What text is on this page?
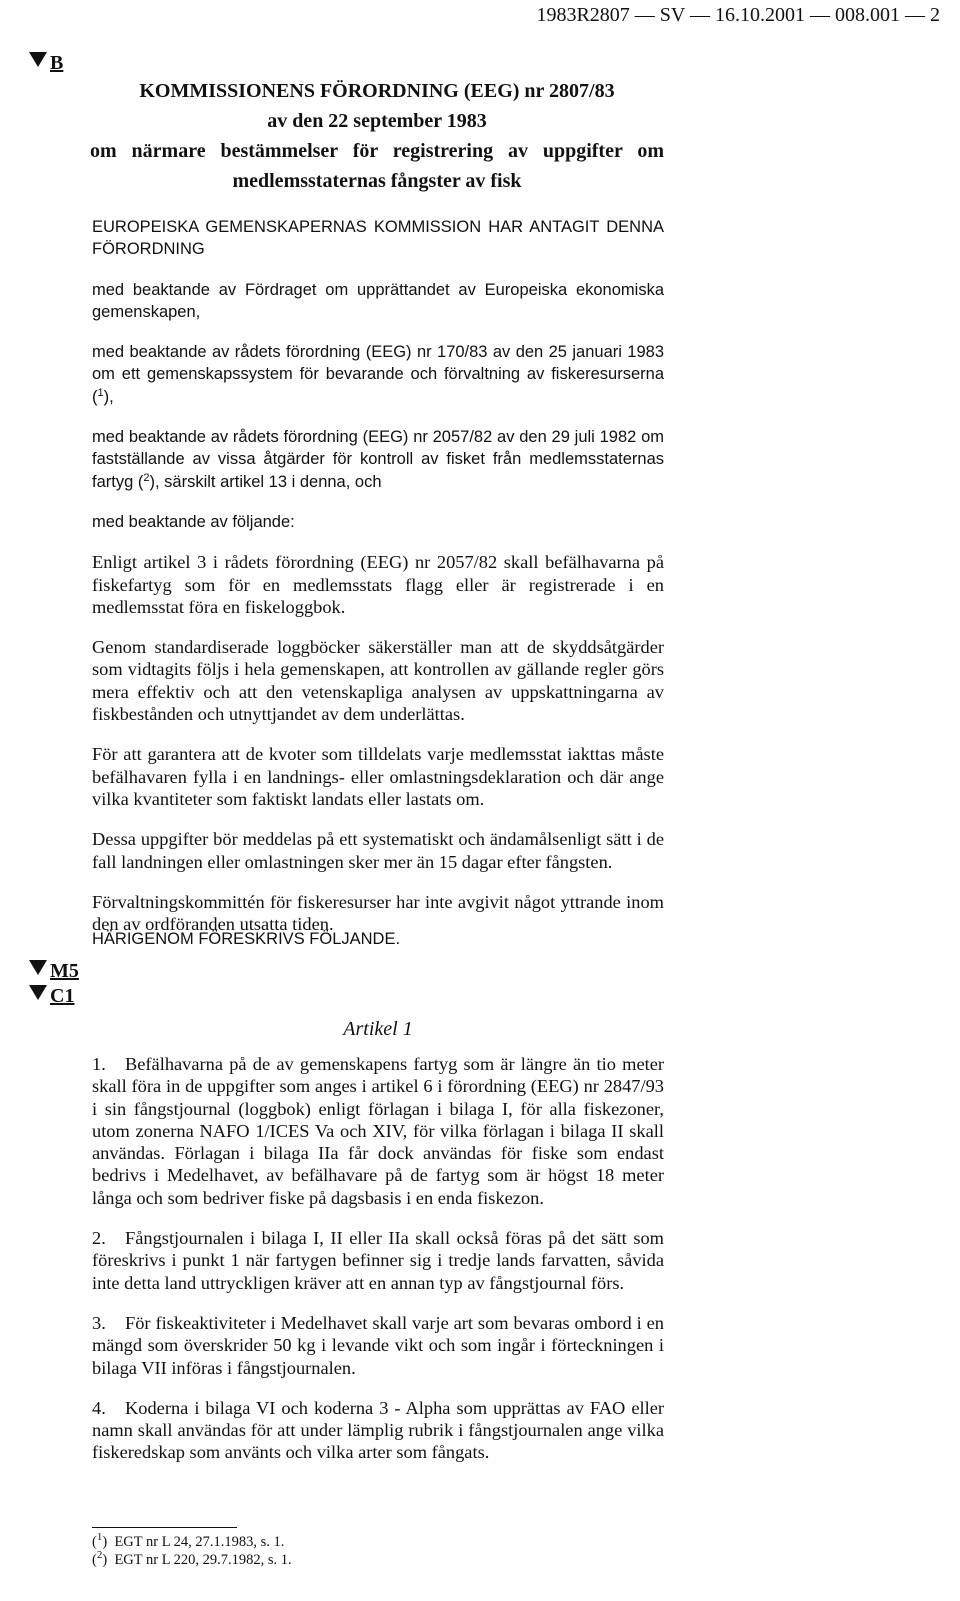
1983R2807 — SV — 16.10.2001 — 008.001 — 2
B
KOMMISSIONENS FÖRORDNING (EEG) nr 2807/83
av den 22 september 1983
om närmare bestämmelser för registrering av uppgifter om
medlemsstaternas fångster av fisk

EUROPEISKA GEMENSKAPERNAS KOMMISSION HAR ANTAGIT DENNA FÖRORDNING

med beaktande av Fördraget om upprättandet av Europeiska ekonomiska gemenskapen,

med beaktande av rådets förordning (EEG) nr 170/83 av den 25 januari 1983 om ett gemenskapssystem för bevarande och förvaltning av fiskeresurserna ($^1$),

med beaktande av rådets förordning (EEG) nr 2057/82 av den 29 juli 1982 om fastställande av vissa åtgärder för kontroll av fisket från medlemsstaternas fartyg ($^2$), särskilt artikel 13 i denna, och

med beaktande av följande:

Enligt artikel 3 i rådets förordning (EEG) nr 2057/82 skall befälhavarna på fiskefartyg som för en medlemsstats flagg eller är registrerade i en medlemsstat föra en fiskeloggbok.

Genom standardiserade loggböcker säkerställer man att de skyddsåtgärder som vidtagits följs i hela gemenskapen, att kontrollen av gällande regler görs mera effektiv och att den vetenskapliga analysen av uppskattningarna av fiskbestånden och utnyttjandet av dem underlättas.

För att garantera att de kvoter som tilldelats varje medlemsstat iakttas måste befälhavaren fylla i en landnings- eller omlastningsdeklaration och där ange vilka kvantiteter som faktiskt landats eller lastats om.

Dessa uppgifter bör meddelas på ett systematiskt och ändamålsenligt sätt i de fall landningen eller omlastningen sker mer än 15 dagar efter fångsten.

Förvaltningskommittén för fiskeresurser har inte avgivit något yttrande inom den av ordföranden utsatta tiden.

HÄRIGENOM FÖRESKRIVS FÖLJANDE.
M5
C1
Artikel 1

1. Befälhavarna på de av gemenskapens fartyg som är längre än tio meter skall föra in de uppgifter som anges i artikel 6 i förordning (EEG) nr 2847/93 i sin fångstjournal (loggbok) enligt förlagan i bilaga I, för alla fiskezoner, utom zonerna NAFO 1/ICES Va och XIV, för vilka förlagan i bilaga II skall användas. Förlagan i bilaga IIa får dock användas för fiske som endast bedrivs i Medelhavet, av befälhavare på de fartyg som är högst 18 meter långa och som bedriver fiske på dagsbasis i en enda fiskezon.

2. Fångstjournalen i bilaga I, II eller IIa skall också föras på det sätt som föreskrivs i punkt 1 när fartygen befinner sig i tredje lands farvatten, såvida inte detta land uttryckligen kräver att en annan typ av fångstjournal förs.

3. För fiskeaktiviteter i Medelhavet skall varje art som bevaras ombord i en mängd som överskrider 50 kg i levande vikt och som ingår i förteckningen i bilaga VII införas i fångstjournalen.

4. Koderna i bilaga VI och koderna 3 - Alpha som upprättas av FAO eller namn skall användas för att under lämplig rubrik i fångstjournalen ange vilka fiskeredskap som använts och vilka arter som fångats.

($^1$)  EGT nr L 24, 27.1.1983, s. 1.
($^2$)  EGT nr L 220, 29.7.1982, s. 1.
